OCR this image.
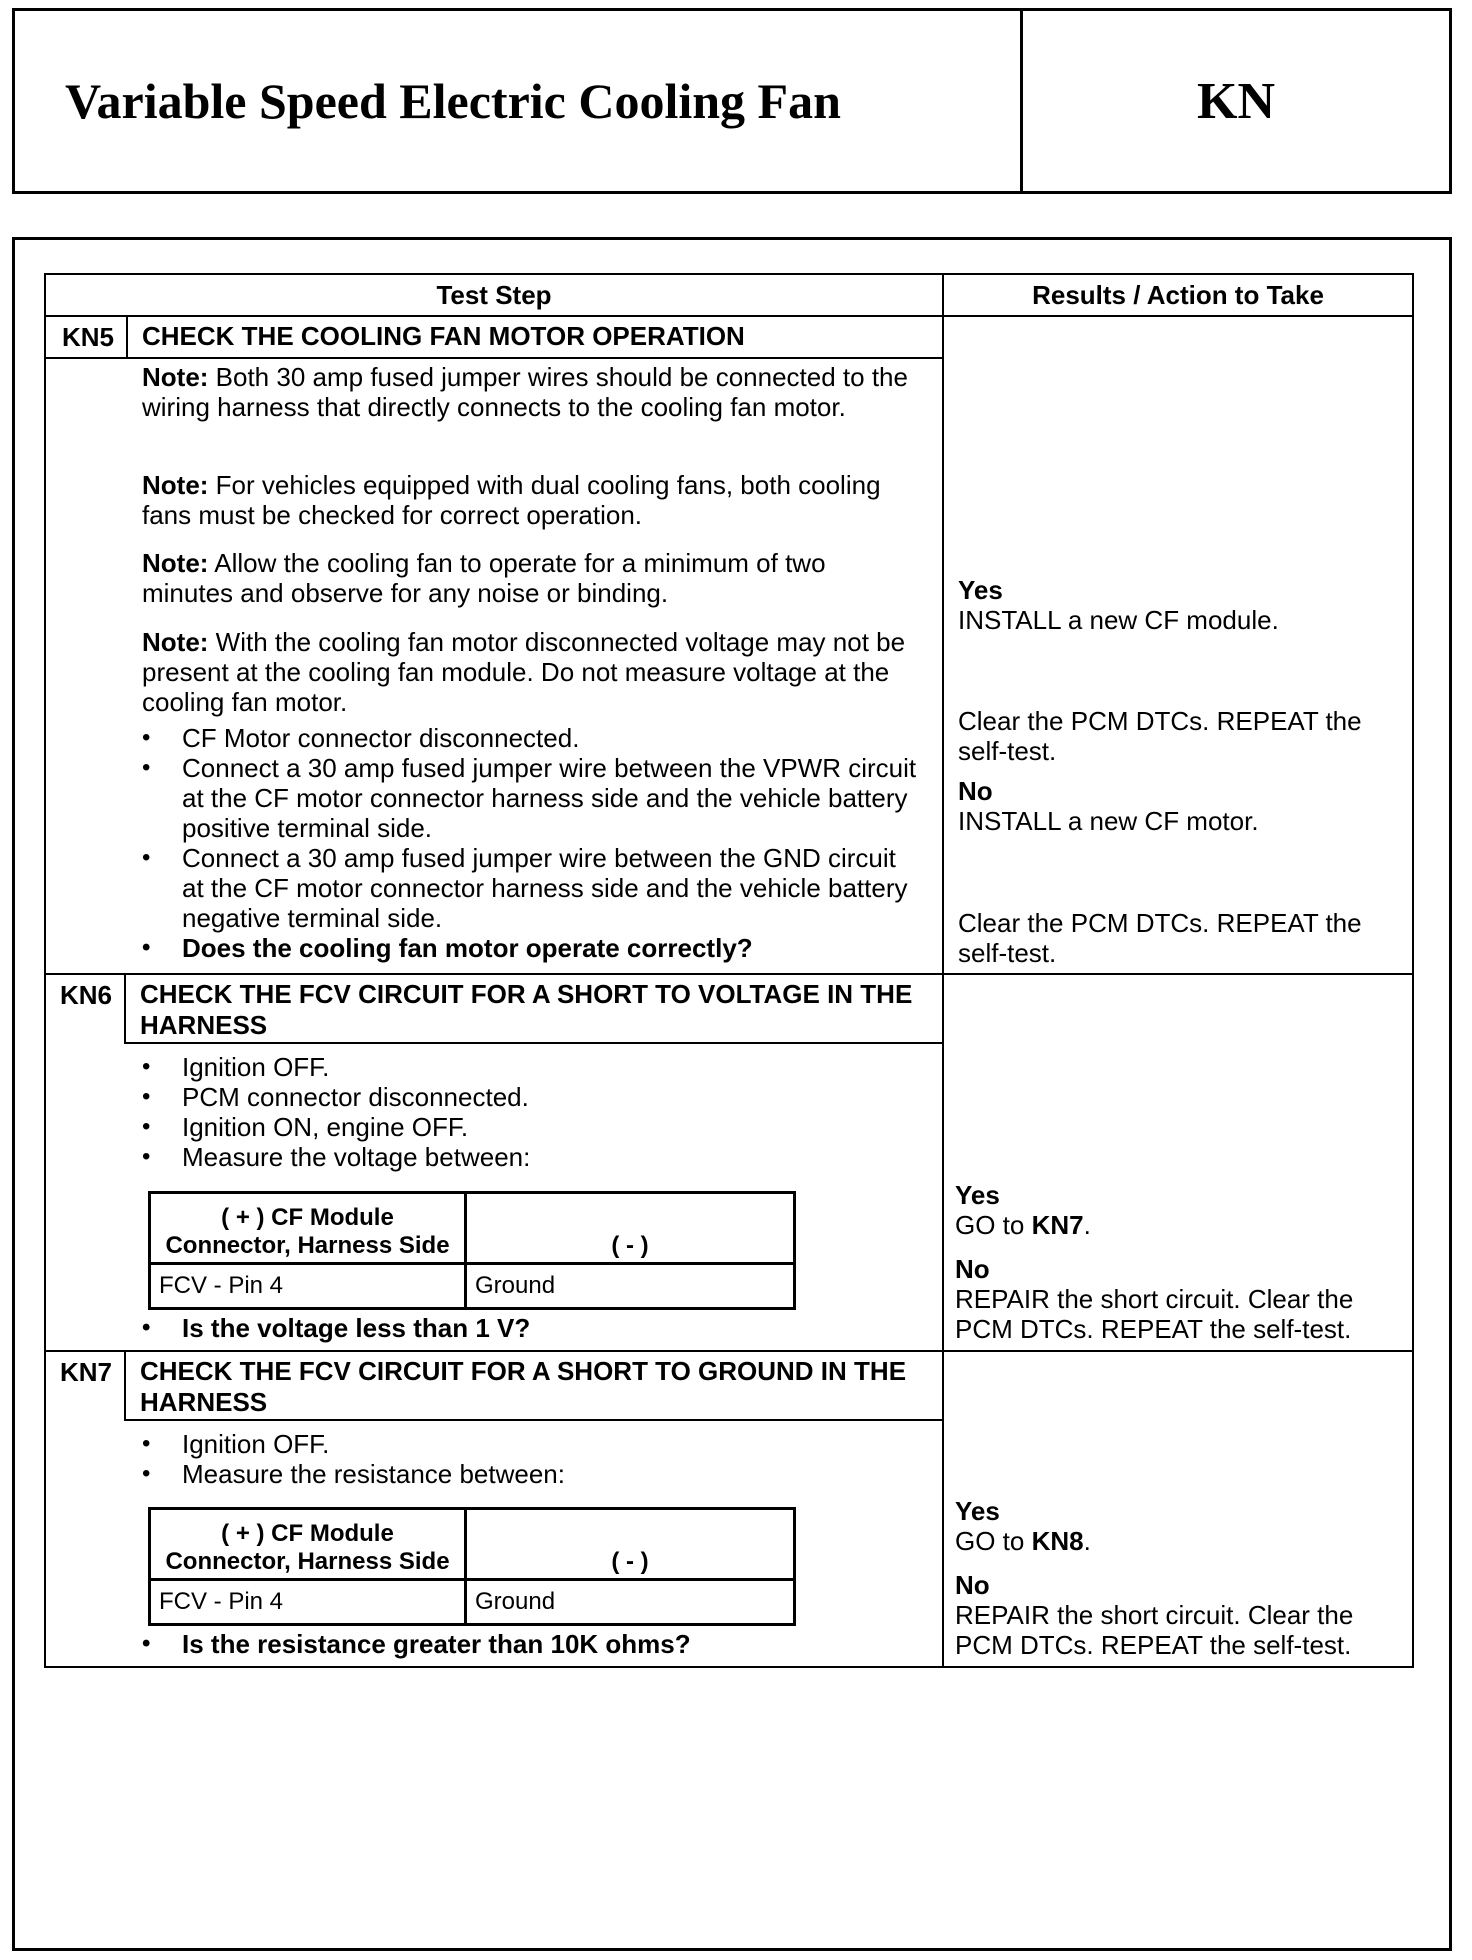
Variable Speed Electric Cooling Fan	KN
Test Step	Results / Action to Take
KN5	CHECK THE COOLING FAN MOTOR OPERATION
Note: Both 30 amp fused jumper wires should be connected to the wiring harness that directly connects to the cooling fan motor.
Note: For vehicles equipped with dual cooling fans, both cooling fans must be checked for correct operation.
Note: Allow the cooling fan to operate for a minimum of two minutes and observe for any noise or binding.
Note: With the cooling fan motor disconnected voltage may not be present at the cooling fan module. Do not measure voltage at the cooling fan motor.
• CF Motor connector disconnected.
• Connect a 30 amp fused jumper wire between the VPWR circuit at the CF motor connector harness side and the vehicle battery positive terminal side.
• Connect a 30 amp fused jumper wire between the GND circuit at the CF motor connector harness side and the vehicle battery negative terminal side.
• Does the cooling fan motor operate correctly?
Yes
INSTALL a new CF module.
Clear the PCM DTCs. REPEAT the self-test.
No
INSTALL a new CF motor.
Clear the PCM DTCs. REPEAT the self-test.
KN6	CHECK THE FCV CIRCUIT FOR A SHORT TO VOLTAGE IN THE HARNESS
• Ignition OFF.
• PCM connector disconnected.
• Ignition ON, engine OFF.
• Measure the voltage between:
( + ) CF Module Connector, Harness Side	( - )
FCV - Pin 4	Ground
• Is the voltage less than 1 V?
Yes
GO to KN7.
No
REPAIR the short circuit. Clear the PCM DTCs. REPEAT the self-test.
KN7	CHECK THE FCV CIRCUIT FOR A SHORT TO GROUND IN THE HARNESS
• Ignition OFF.
• Measure the resistance between:
( + ) CF Module Connector, Harness Side	( - )
FCV - Pin 4	Ground
• Is the resistance greater than 10K ohms?
Yes
GO to KN8.
No
REPAIR the short circuit. Clear the PCM DTCs. REPEAT the self-test.
